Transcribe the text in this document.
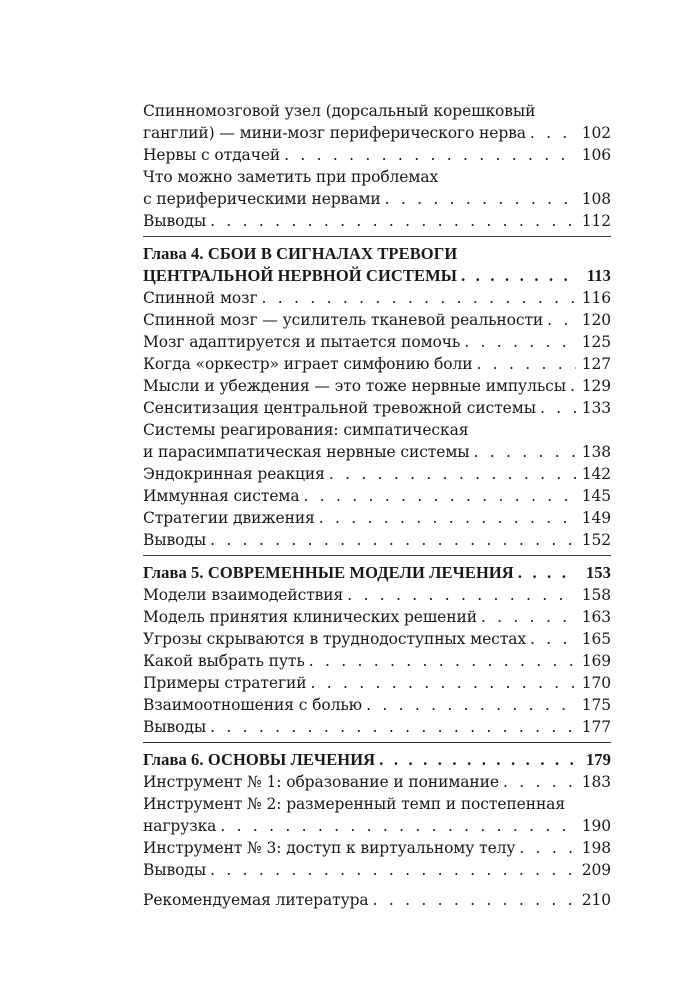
Спинномозговой узел (дорсальный корешковый
ганглий) — мини-мозг периферического нерва . . .	102
Нервы с отдачей . . .	106
Что можно заметить при проблемах
с периферическими нервами . . .	108
Выводы . . .	112
Глава 4. СБОИ В СИГНАЛАХ ТРЕВОГИ
ЦЕНТРАЛЬНОЙ НЕРВНОЙ СИСТЕМЫ . . .	113
Спинной мозг . . .	116
Спинной мозг — усилитель тканевой реальности . . . 120
Мозг адаптируется и пытается помочь . . .	125
Когда «оркестр» играет симфонию боли . . .	127
Мысли и убеждения — это тоже нервные импульсы . . . 129
Сенситизация центральной тревожной системы . . .	133
Системы реагирования: симпатическая
и парасимпатическая нервные системы . . .	138
Эндокринная реакция . . .	142
Иммунная система . . .	145
Стратегии движения . . .	149
Выводы . . .	152
Глава 5. СОВРЕМЕННЫЕ МОДЕЛИ ЛЕЧЕНИЯ . . .	153
Модели взаимодействия . . .	158
Модель принятия клинических решений . . .	163
Угрозы скрываются в труднодоступных местах . . .	165
Какой выбрать путь . . .	169
Примеры стратегий . . .	170
Взаимоотношения с болью . . .	175
Выводы . . .	177
Глава 6. ОСНОВЫ ЛЕЧЕНИЯ . . .	179
Инструмент № 1: образование и понимание . . .	183
Инструмент № 2: размеренный темп и постепенная
нагрузка . . .	190
Инструмент № 3: доступ к виртуальному телу . . .	198
Выводы . . .	209
Рекомендуемая литература . . .	210
